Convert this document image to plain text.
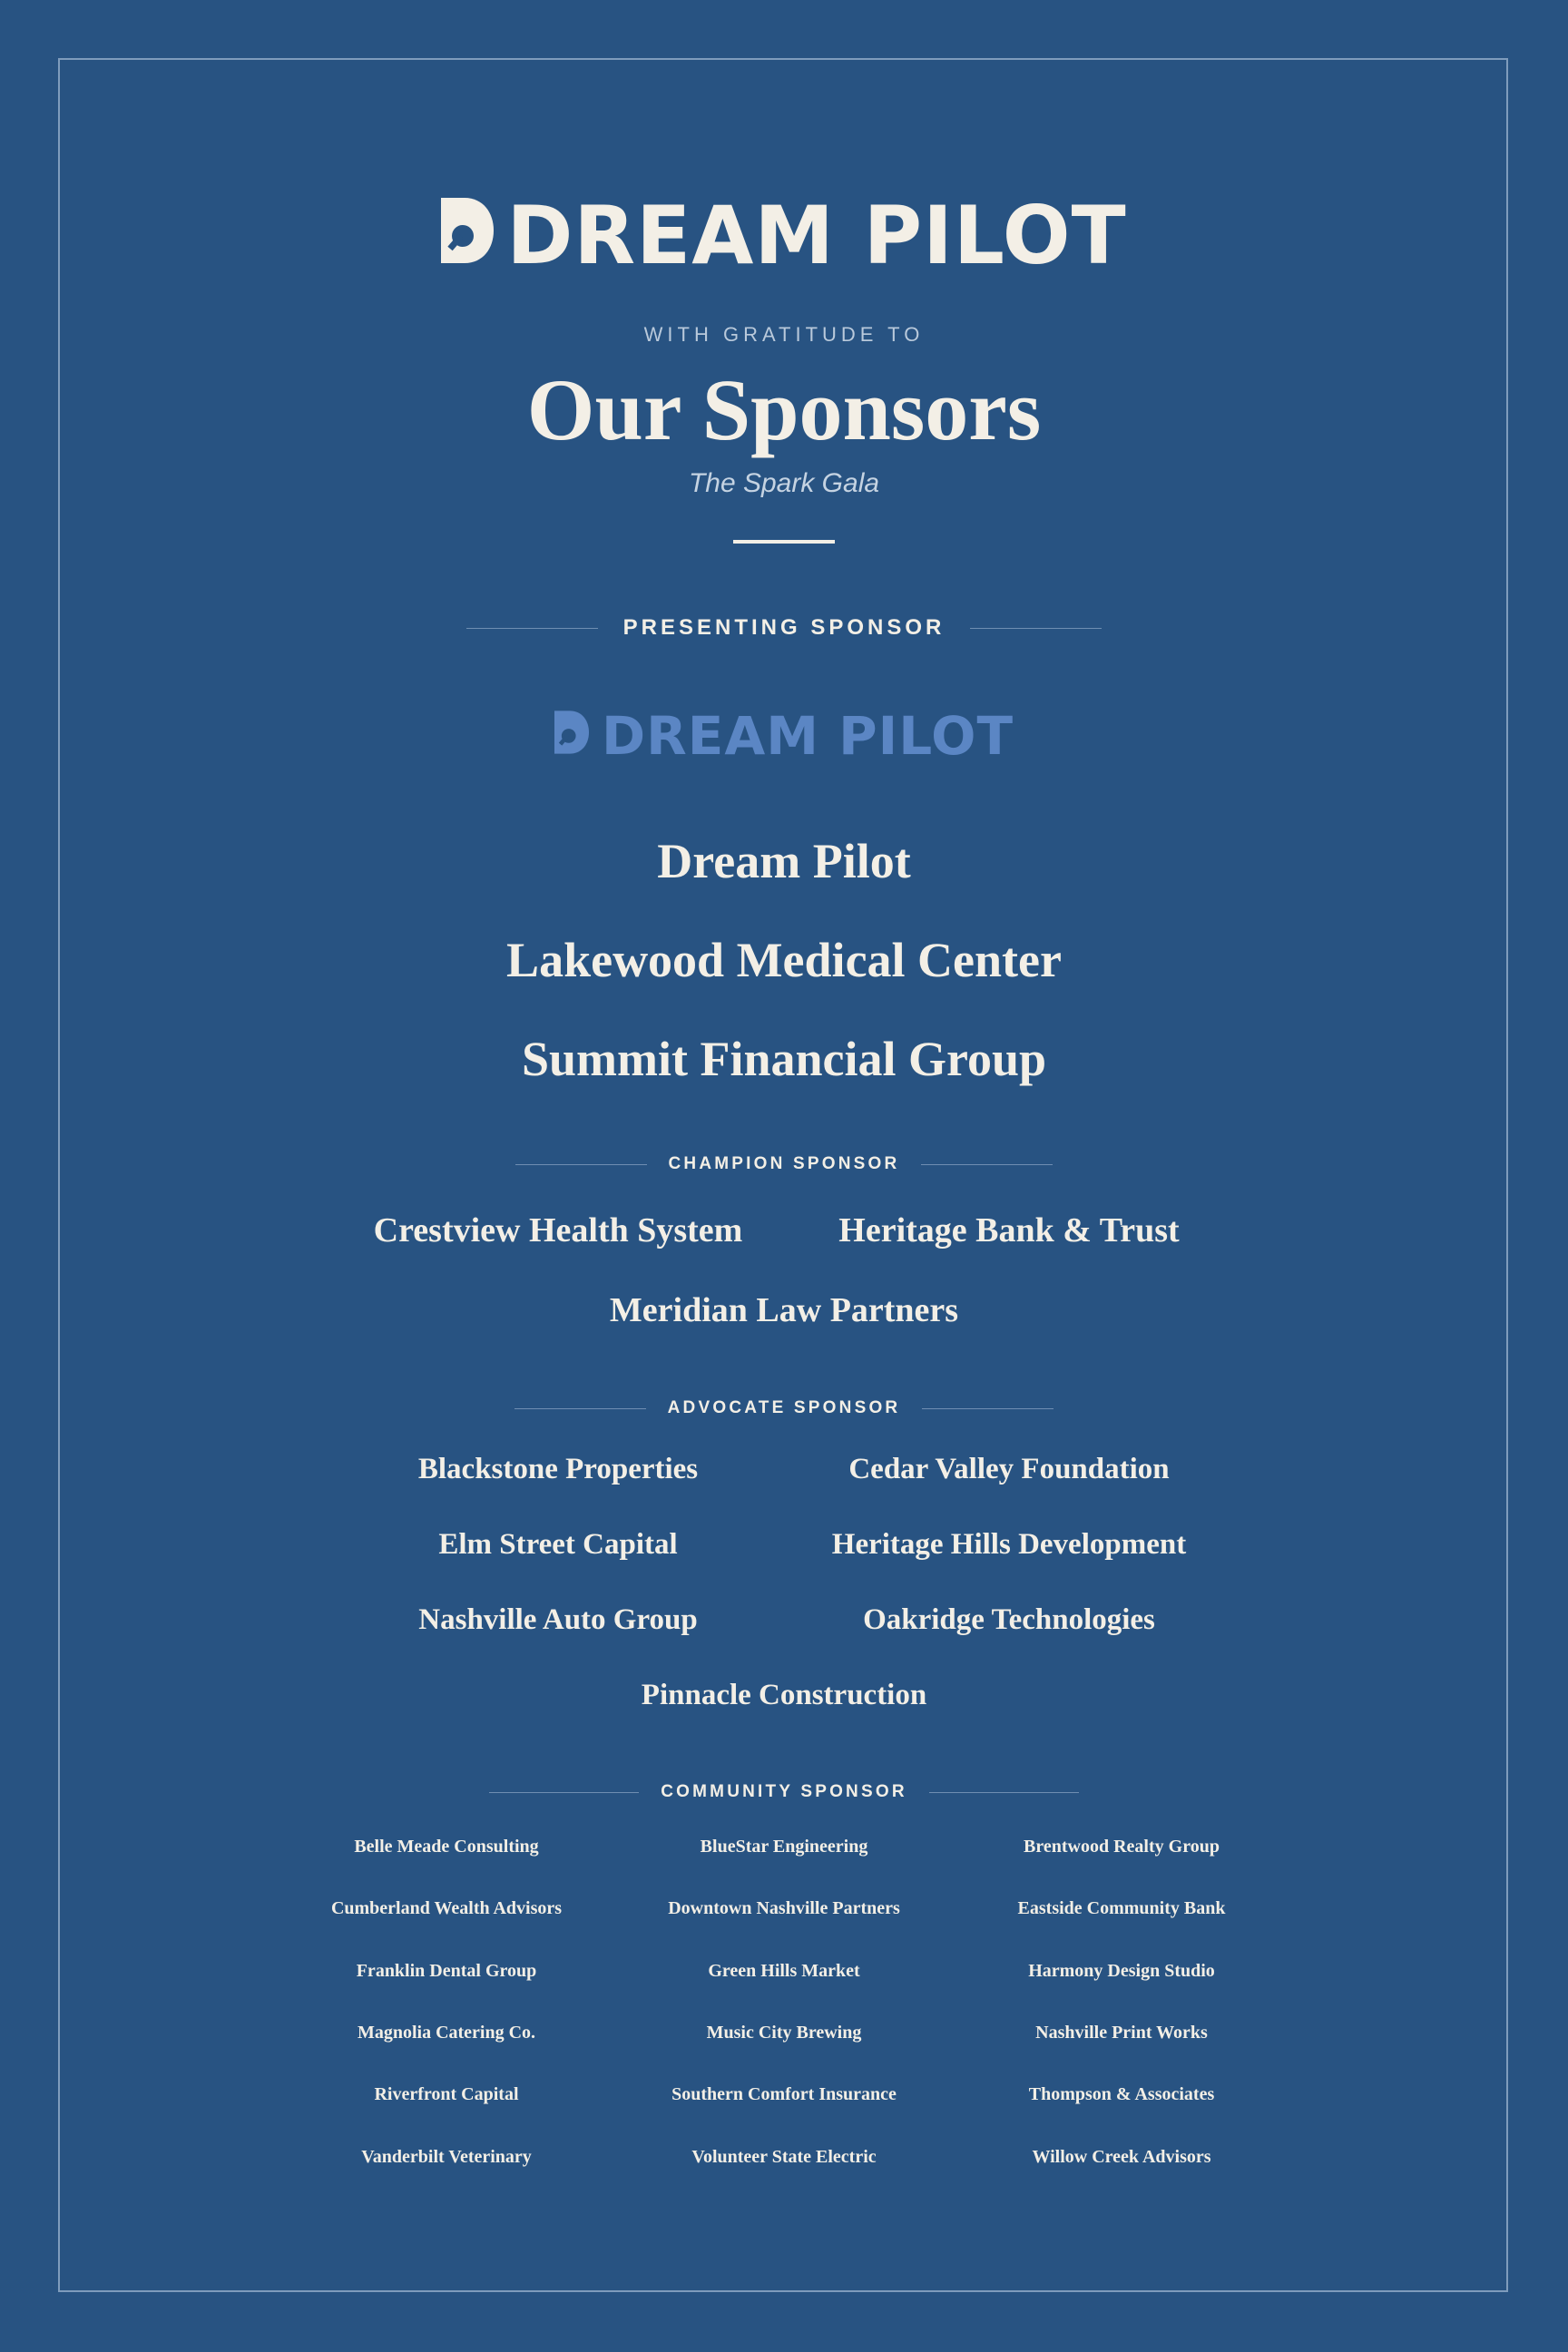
DREAM PILOT
WITH GRATITUDE TO
Our Sponsors
The Spark Gala
PRESENTING SPONSOR
DREAM PILOT
Dream Pilot
Lakewood Medical Center
Summit Financial Group
CHAMPION SPONSOR
Crestview Health System	Heritage Bank & Trust
Meridian Law Partners
ADVOCATE SPONSOR
Blackstone Properties	Cedar Valley Foundation
Elm Street Capital	Heritage Hills Development
Nashville Auto Group	Oakridge Technologies
Pinnacle Construction
COMMUNITY SPONSOR
Belle Meade Consulting	BlueStar Engineering	Brentwood Realty Group
Cumberland Wealth Advisors	Downtown Nashville Partners	Eastside Community Bank
Franklin Dental Group	Green Hills Market	Harmony Design Studio
Magnolia Catering Co.	Music City Brewing	Nashville Print Works
Riverfront Capital	Southern Comfort Insurance	Thompson & Associates
Vanderbilt Veterinary	Volunteer State Electric	Willow Creek Advisors
